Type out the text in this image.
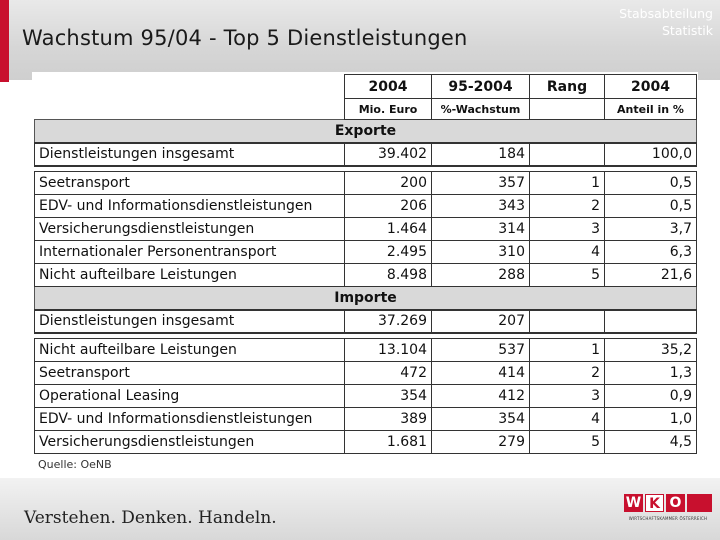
Wachstum 95/04 - Top 5 Dienstleistungen
Stabsabteilung
Statistik
	2004	95-2004	Rang	2004
	Mio. Euro	%-Wachstum		Anteil in %
Exporte				
Dienstleistungen insgesamt	39.402	184		100,0

Seetransport	200	357	1	0,5
EDV- und Informationsdienstleistungen	206	343	2	0,5
Versicherungsdienstleistungen	1.464	314	3	3,7
Internationaler Personentransport	2.495	310	4	6,3
Nicht aufteilbare Leistungen	8.498	288	5	21,6
Importe				
Dienstleistungen insgesamt	37.269	207		

Nicht aufteilbare Leistungen	13.104	537	1	35,2
Seetransport	472	414	2	1,3
Operational Leasing	354	412	3	0,9
EDV- und Informationsdienstleistungen	389	354	4	1,0
Versicherungsdienstleistungen	1.681	279	5	4,5
Quelle: OeNB
Verstehen. Denken. Handeln.
W K O
WIRTSCHAFTSKAMMER ÖSTERREICH
